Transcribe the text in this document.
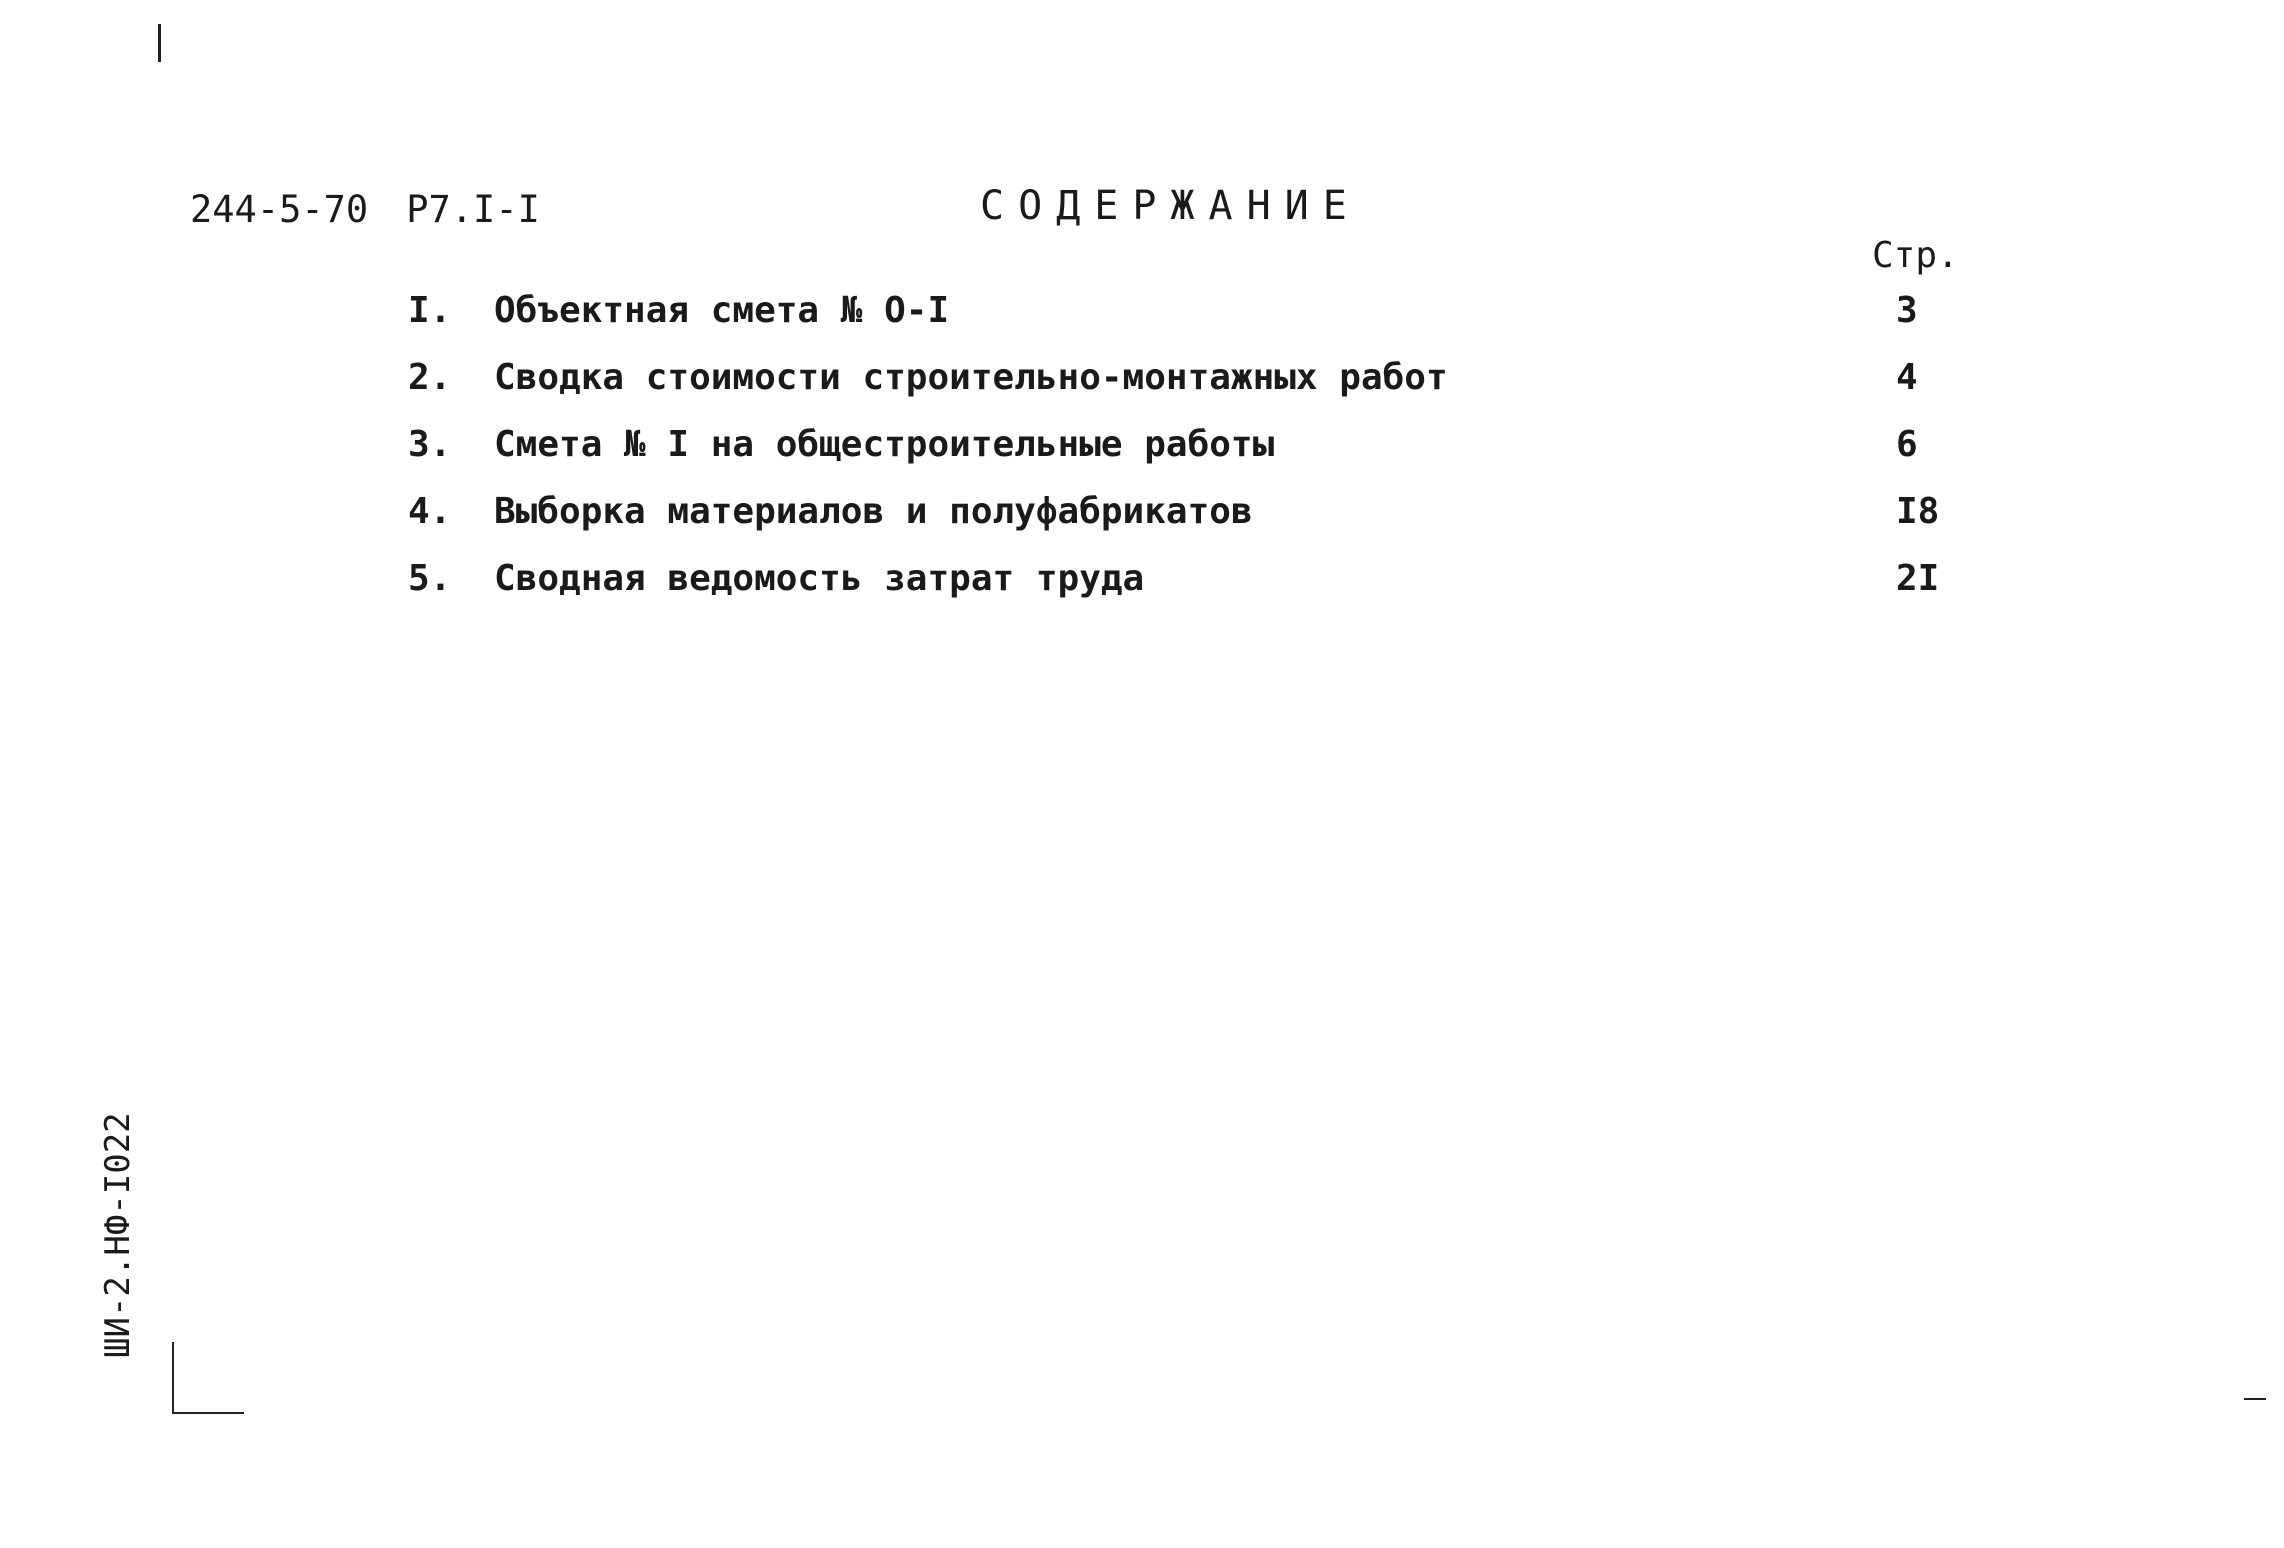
244-5-70 Р7.I-I	СОДЕРЖАНИЕ
Стр.
I. Объектная смета № О-I	3
2. Сводка стоимости строительно-монтажных работ	4
3. Смета № I на общестроительные работы	6
4. Выборка материалов и полуфабрикатов	I8
5. Сводная ведомость затрат труда	2I
ШИ-2.НФ-I022
